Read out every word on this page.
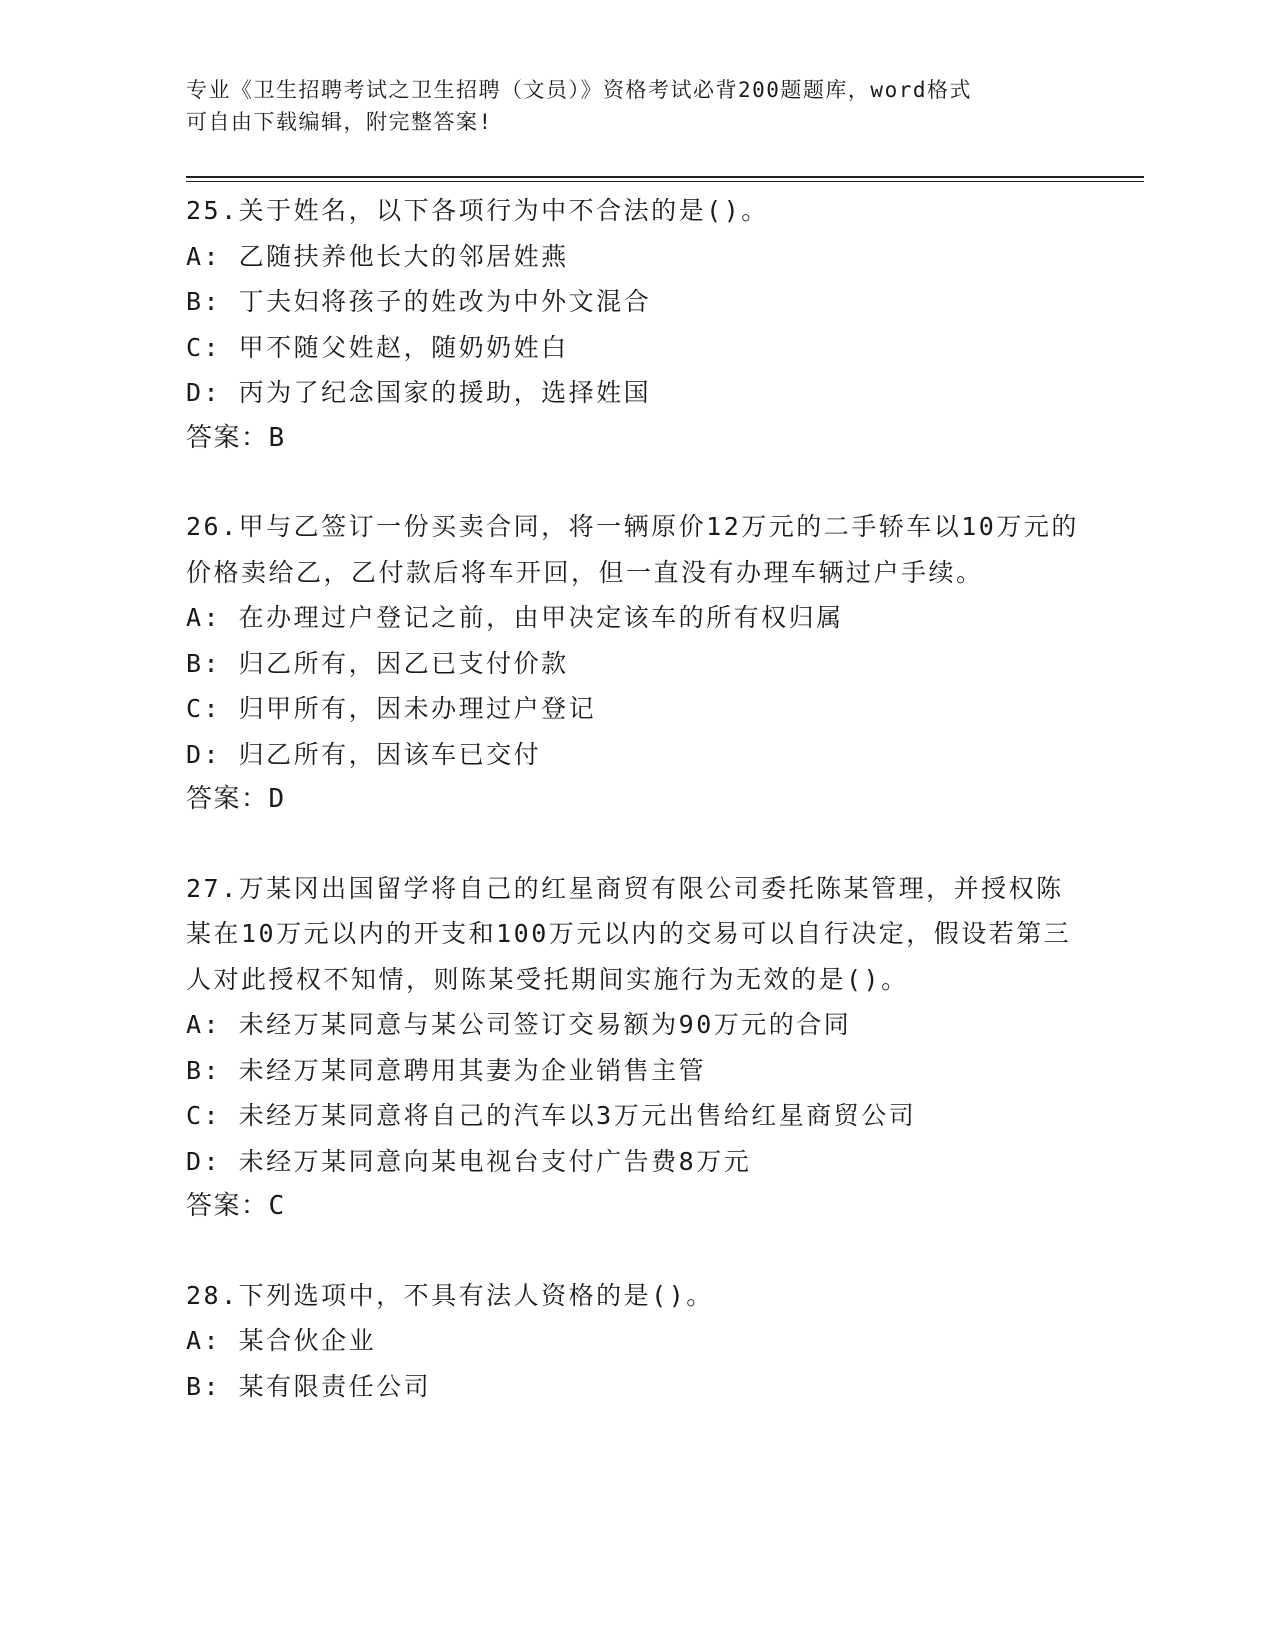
专业《卫生招聘考试之卫生招聘（文员）》资格考试必背200题题库，word格式
可自由下载编辑，附完整答案!
25.关于姓名，以下各项行为中不合法的是()。
A: 乙随扶养他长大的邻居姓燕
B: 丁夫妇将孩子的姓改为中外文混合
C: 甲不随父姓赵，随奶奶姓白
D: 丙为了纪念国家的援助，选择姓国
答案：B
26.甲与乙签订一份买卖合同，将一辆原价12万元的二手轿车以10万元的价格卖给乙，乙付款后将车开回，但一直没有办理车辆过户手续。
A: 在办理过户登记之前，由甲决定该车的所有权归属
B: 归乙所有，因乙已支付价款
C: 归甲所有，因未办理过户登记
D: 归乙所有，因该车已交付
答案：D
27.万某冈出国留学将自己的红星商贸有限公司委托陈某管理，并授权陈某在10万元以内的开支和100万元以内的交易可以自行决定，假设若第三人对此授权不知情，则陈某受托期间实施行为无效的是()。
A: 未经万某同意与某公司签订交易额为90万元的合同
B: 未经万某同意聘用其妻为企业销售主管
C: 未经万某同意将自己的汽车以3万元出售给红星商贸公司
D: 未经万某同意向某电视台支付广告费8万元
答案：C
28.下列选项中，不具有法人资格的是()。
A: 某合伙企业
B: 某有限责任公司
